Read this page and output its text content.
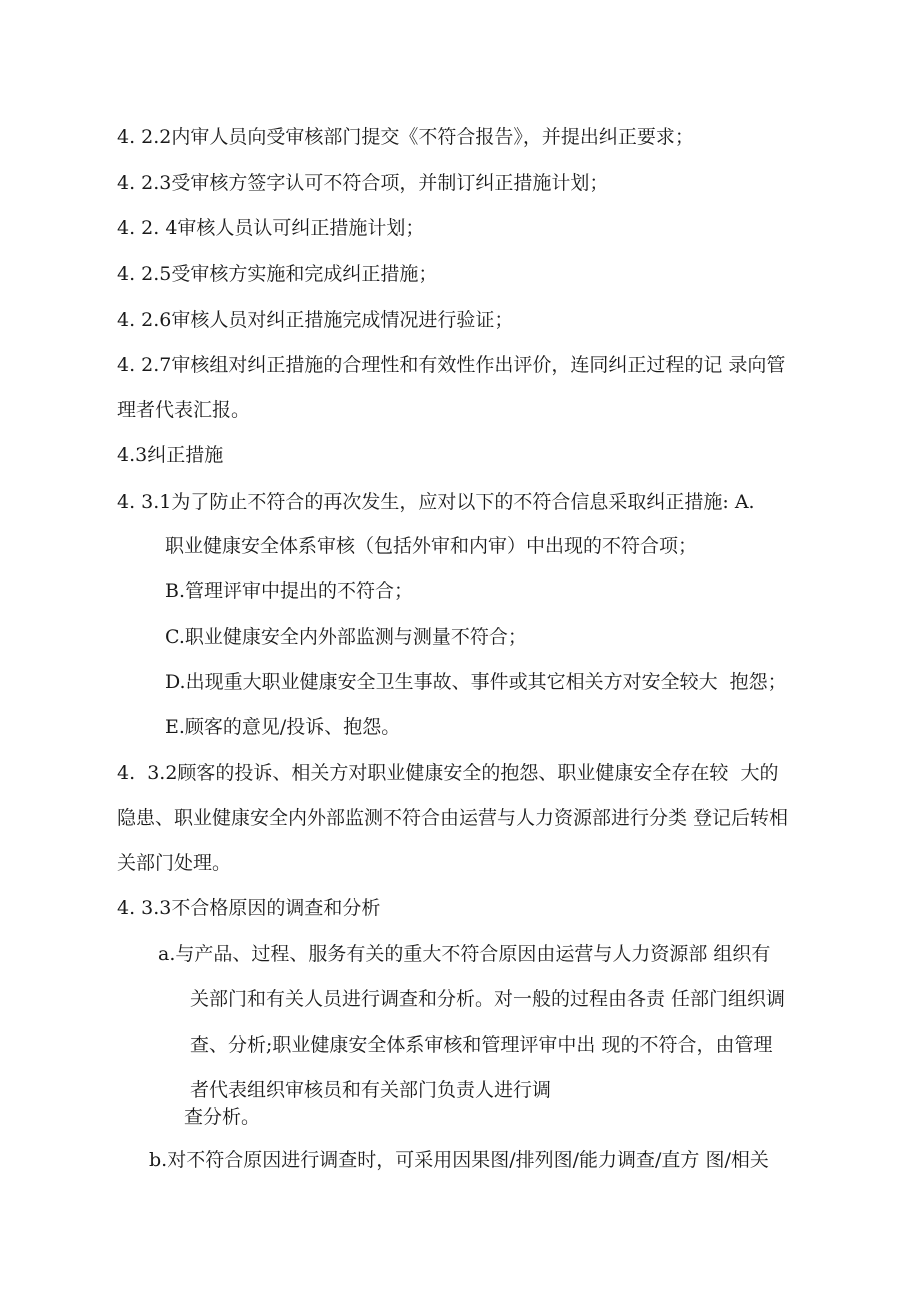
4. 2.2内审人员向受审核部门提交《不符合报告》，并提出纠正要求；
4. 2.3受审核方签字认可不符合项，并制订纠正措施计划；
4. 2. 4审核人员认可纠正措施计划；
4. 2.5受审核方实施和完成纠正措施；
4. 2.6审核人员对纠正措施完成情况进行验证；
4. 2.7审核组对纠正措施的合理性和有效性作出评价，连同纠正过程的记 录向管
理者代表汇报。
4.3纠正措施
4. 3.1为了防止不符合的再次发生，应对以下的不符合信息采取纠正措施: A.
职业健康安全体系审核（包括外审和内审）中出现的不符合项；
B.管理评审中提出的不符合；
C.职业健康安全内外部监测与测量不符合；
D.出现重大职业健康安全卫生事故、事件或其它相关方对安全较大  抱怨；
E.顾客的意见/投诉、抱怨。
4.  3.2顾客的投诉、相关方对职业健康安全的抱怨、职业健康安全存在较  大的
隐患、职业健康安全内外部监测不符合由运营与人力资源部进行分类 登记后转相
关部门处理。
4. 3.3不合格原因的调查和分析
a.与产品、过程、服务有关的重大不符合原因由运营与人力资源部 组织有
关部门和有关人员进行调查和分析。对一般的过程由各责 任部门组织调
查、分析;职业健康安全体系审核和管理评审中出 现的不符合，由管理
者代表组织审核员和有关部门负责人进行调
查分析。
b.对不符合原因进行调查时，可采用因果图/排列图/能力调查/直方 图/相关
